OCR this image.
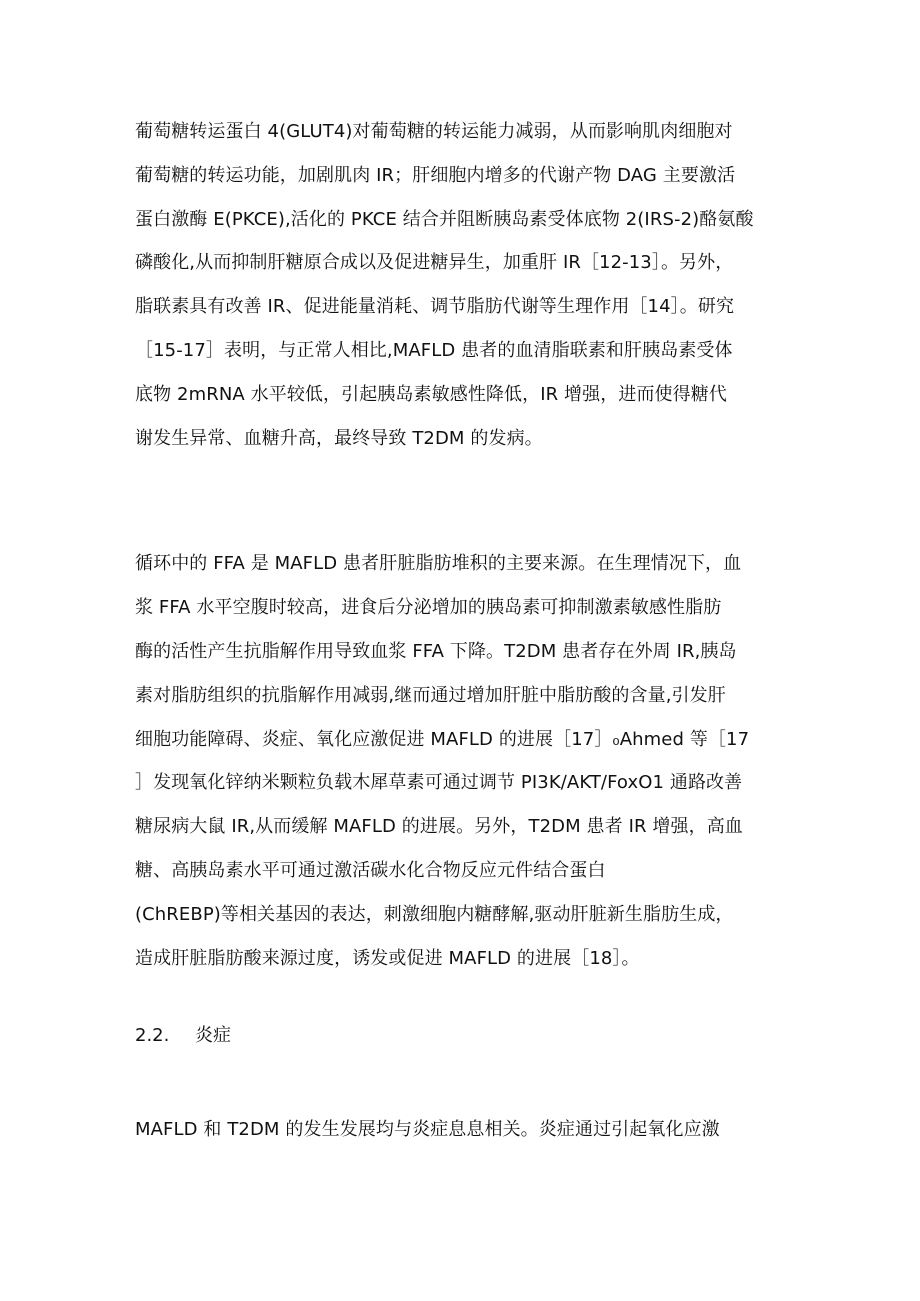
葡萄糖转运蛋白 4(GLUT4)对葡萄糖的转运能力减弱，从而影响肌肉细胞对
葡萄糖的转运功能，加剧肌肉 IR；肝细胞内增多的代谢产物 DAG 主要激活
蛋白激酶 E(PKCE),活化的 PKCE 结合并阻断胰岛素受体底物 2(IRS-2)酪氨酸
磷酸化,从而抑制肝糖原合成以及促进糖异生，加重肝 IR［12-13］。另外，
脂联素具有改善 IR、促进能量消耗、调节脂肪代谢等生理作用［14］。研究
［15-17］表明，与正常人相比,MAFLD 患者的血清脂联素和肝胰岛素受体
底物 2mRNA 水平较低，引起胰岛素敏感性降低，IR 增强，进而使得糖代
谢发生异常、血糖升高，最终导致 T2DM 的发病。
循环中的 FFA 是 MAFLD 患者肝脏脂肪堆积的主要来源。在生理情况下，血
浆 FFA 水平空腹时较高，进食后分泌增加的胰岛素可抑制激素敏感性脂肪
酶的活性产生抗脂解作用导致血浆 FFA 下降。T2DM 患者存在外周 IR,胰岛
素对脂肪组织的抗脂解作用减弱,继而通过增加肝脏中脂肪酸的含量,引发肝
细胞功能障碍、炎症、氧化应激促进 MAFLD 的进展［17］₀Ahmed 等［17
］发现氧化锌纳米颗粒负载木犀草素可通过调节 PI3K∕AKT∕FoxO1 通路改善
糖尿病大鼠 IR,从而缓解 MAFLD 的进展。另外，T2DM 患者 IR 增强，高血
糖、高胰岛素水平可通过激活碳水化合物反应元件结合蛋白
(ChREBP)等相关基因的表达，刺激细胞内糖酵解,驱动肝脏新生脂肪生成，
造成肝脏脂肪酸来源过度，诱发或促进 MAFLD 的进展［18］。
2.2. 炎症
MAFLD 和 T2DM 的发生发展均与炎症息息相关。炎症通过引起氧化应激
